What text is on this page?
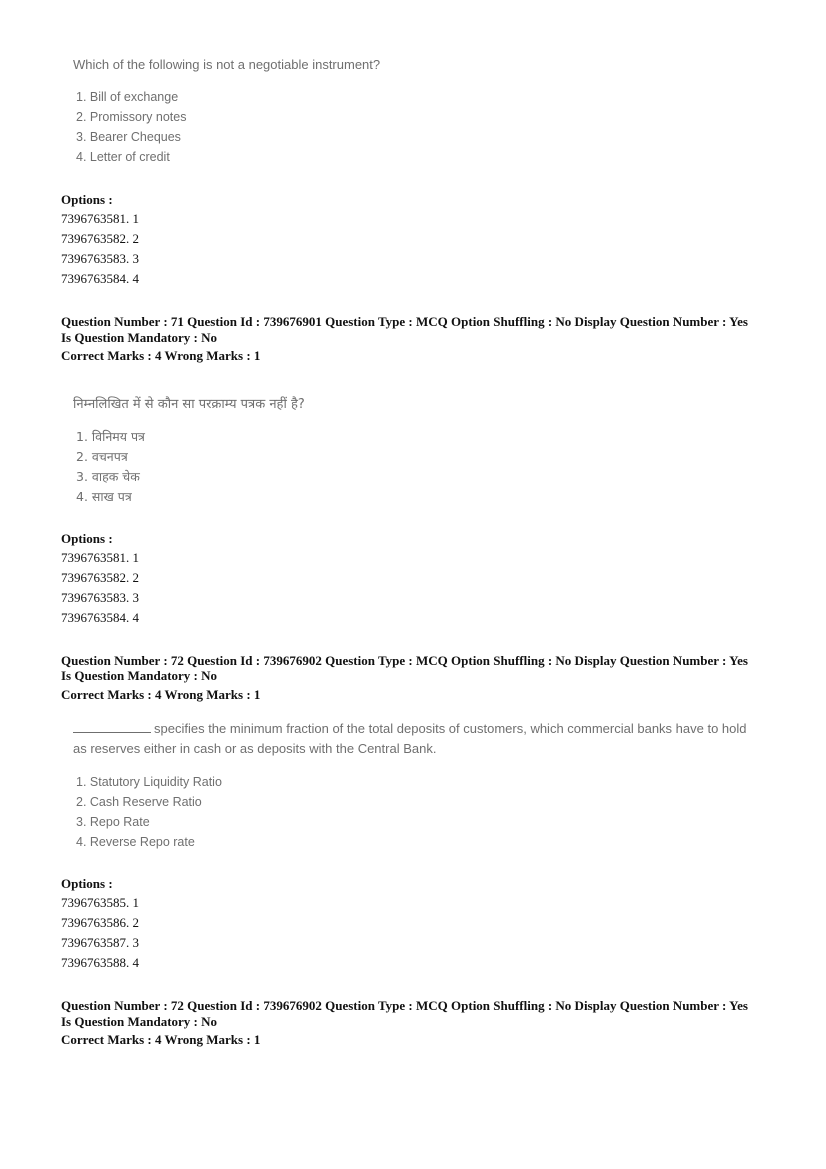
Which of the following is not a negotiable instrument?
1. Bill of exchange
2. Promissory notes
3. Bearer Cheques
4. Letter of credit
Options :
7396763581. 1
7396763582. 2
7396763583. 3
7396763584. 4
Question Number : 71 Question Id : 739676901 Question Type : MCQ Option Shuffling : No Display Question Number : Yes
Is Question Mandatory : No
Correct Marks : 4 Wrong Marks : 1
निम्नलिखित में से कौन सा परक्राम्य पत्रक नहीं है?
1. विनिमय पत्र
2. वचनपत्र
3. वाहक चेक
4. साख पत्र
Options :
7396763581. 1
7396763582. 2
7396763583. 3
7396763584. 4
Question Number : 72 Question Id : 739676902 Question Type : MCQ Option Shuffling : No Display Question Number : Yes
Is Question Mandatory : No
Correct Marks : 4 Wrong Marks : 1
specifies the minimum fraction of the total deposits of customers, which commercial banks have to hold
as reserves either in cash or as deposits with the Central Bank.
1. Statutory Liquidity Ratio
2. Cash Reserve Ratio
3. Repo Rate
4. Reverse Repo rate
Options :
7396763585. 1
7396763586. 2
7396763587. 3
7396763588. 4
Question Number : 72 Question Id : 739676902 Question Type : MCQ Option Shuffling : No Display Question Number : Yes
Is Question Mandatory : No
Correct Marks : 4 Wrong Marks : 1
